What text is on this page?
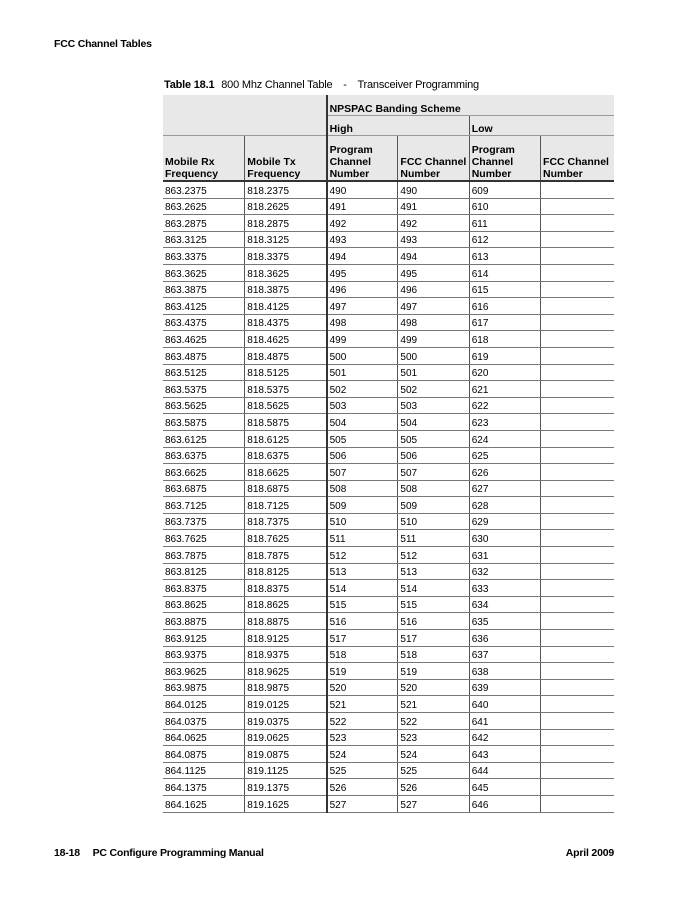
FCC Channel Tables
Table 18.1 800 Mhz Channel Table - Transceiver Programming
		NPSPAC Banding Scheme			
		High		Low	
Mobile Rx Frequency	Mobile Tx Frequency	Program Channel Number	FCC Channel Number	Program Channel Number	FCC Channel Number
863.2375	818.2375	490	490	609	
863.2625	818.2625	491	491	610	
863.2875	818.2875	492	492	611	
863.3125	818.3125	493	493	612	
863.3375	818.3375	494	494	613	
863.3625	818.3625	495	495	614	
863.3875	818.3875	496	496	615	
863.4125	818.4125	497	497	616	
863.4375	818.4375	498	498	617	
863.4625	818.4625	499	499	618	
863.4875	818.4875	500	500	619	
863.5125	818.5125	501	501	620	
863.5375	818.5375	502	502	621	
863.5625	818.5625	503	503	622	
863.5875	818.5875	504	504	623	
863.6125	818.6125	505	505	624	
863.6375	818.6375	506	506	625	
863.6625	818.6625	507	507	626	
863.6875	818.6875	508	508	627	
863.7125	818.7125	509	509	628	
863.7375	818.7375	510	510	629	
863.7625	818.7625	511	511	630	
863.7875	818.7875	512	512	631	
863.8125	818.8125	513	513	632	
863.8375	818.8375	514	514	633	
863.8625	818.8625	515	515	634	
863.8875	818.8875	516	516	635	
863.9125	818.9125	517	517	636	
863.9375	818.9375	518	518	637	
863.9625	818.9625	519	519	638	
863.9875	818.9875	520	520	639	
864.0125	819.0125	521	521	640	
864.0375	819.0375	522	522	641	
864.0625	819.0625	523	523	642	
864.0875	819.0875	524	524	643	
864.1125	819.1125	525	525	644	
864.1375	819.1375	526	526	645	
864.1625	819.1625	527	527	646	
18-18 PC Configure Programming Manual	April 2009
